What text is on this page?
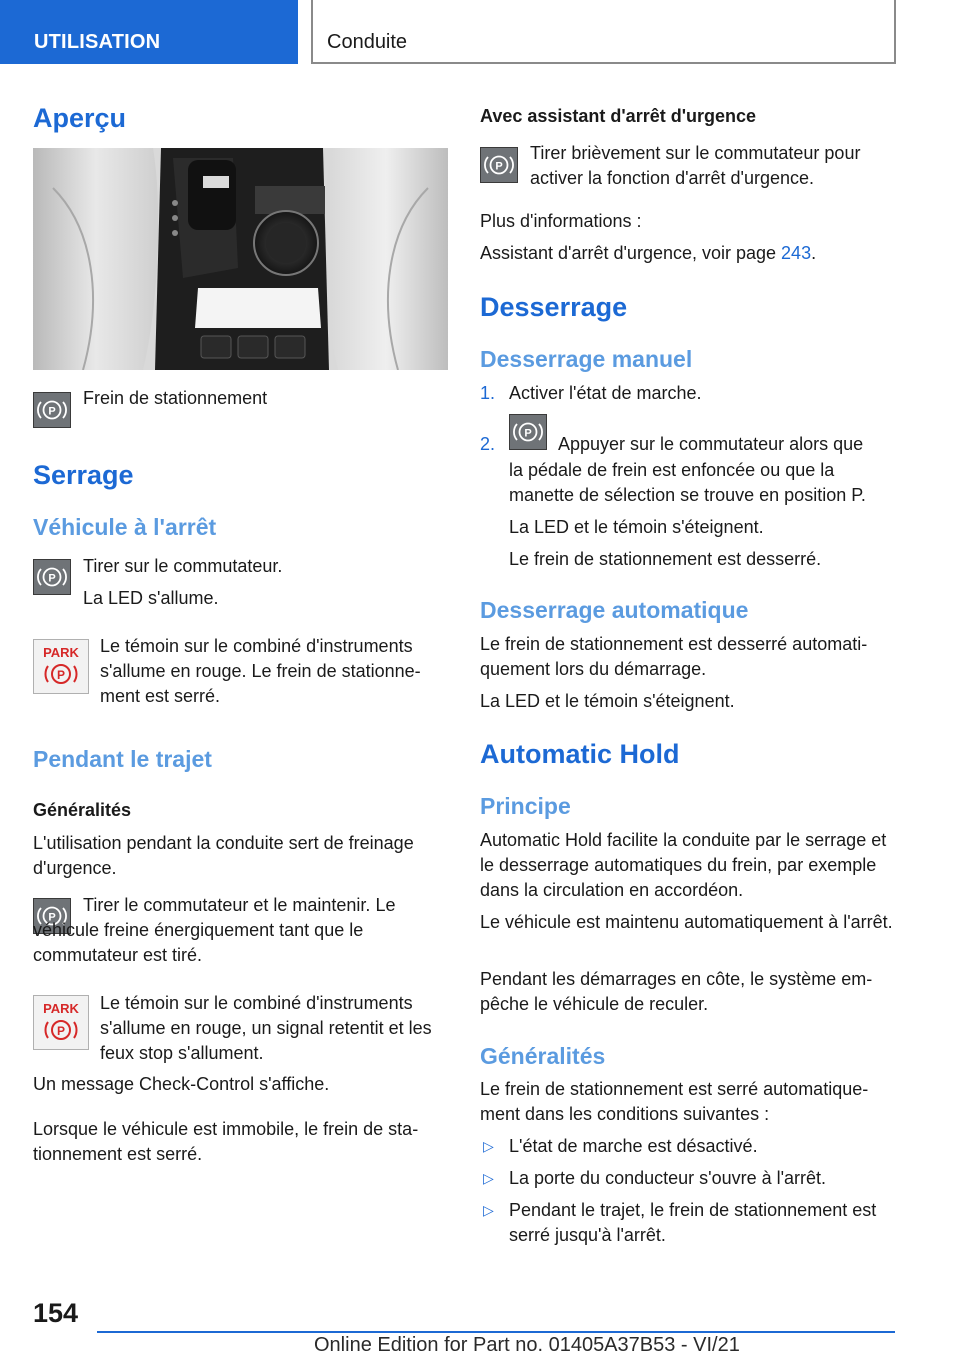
UTILISATION	Conduite
Aperçu
P

Frein de stationnement

Serrage
Véhicule à l'arrêt
P

Tirer sur le commutateur.

La LED s'allume.

PARK
P

Le témoin sur le combiné d'instruments s'allume en rouge. Le frein de stationne-ment est serré.

Pendant le trajet
Généralités

L'utilisation pendant la conduite sert de freinage d'urgence.

P

Tirer le commutateur et le maintenir. Le véhicule freine énergiquement tant que le commutateur est tiré.

PARK
P

Le témoin sur le combiné d'instruments s'allume en rouge, un signal retentit et les feux stop s'allument.

Un message Check-Control s'affiche.

Lorsque le véhicule est immobile, le frein de sta-tionnement est serré.

Avec assistant d'arrêt d'urgence
P

Tirer brièvement sur le commutateur pour activer la fonction d'arrêt d'urgence.

Plus d'informations :

Assistant d'arrêt d'urgence, voir page 243.

Desserrage
Desserrage manuel
1. Activer l'état de marche.

2.
P

Appuyer sur le commutateur alors que

la pédale de frein est enfoncée ou que la manette de sélection se trouve en position P.

La LED et le témoin s'éteignent.

Le frein de stationnement est desserré.

Desserrage automatique

Le frein de stationnement est desserré automati-quement lors du démarrage.

La LED et le témoin s'éteignent.

Automatic Hold
Principe

Automatic Hold facilite la conduite par le serrage et le desserrage automatiques du frein, par exemple dans la circulation en accordéon.

Le véhicule est maintenu automatiquement à l'arrêt.

Pendant les démarrages en côte, le système em-pêche le véhicule de reculer.

Généralités

Le frein de stationnement est serré automatique-ment dans les conditions suivantes :

▷ L'état de marche est désactivé.

▷ La porte du conducteur s'ouvre à l'arrêt.

▷ Pendant le trajet, le frein de stationnement est serré jusqu'à l'arrêt.

154
Online Edition for Part no. 01405A37B53 - VI/21
